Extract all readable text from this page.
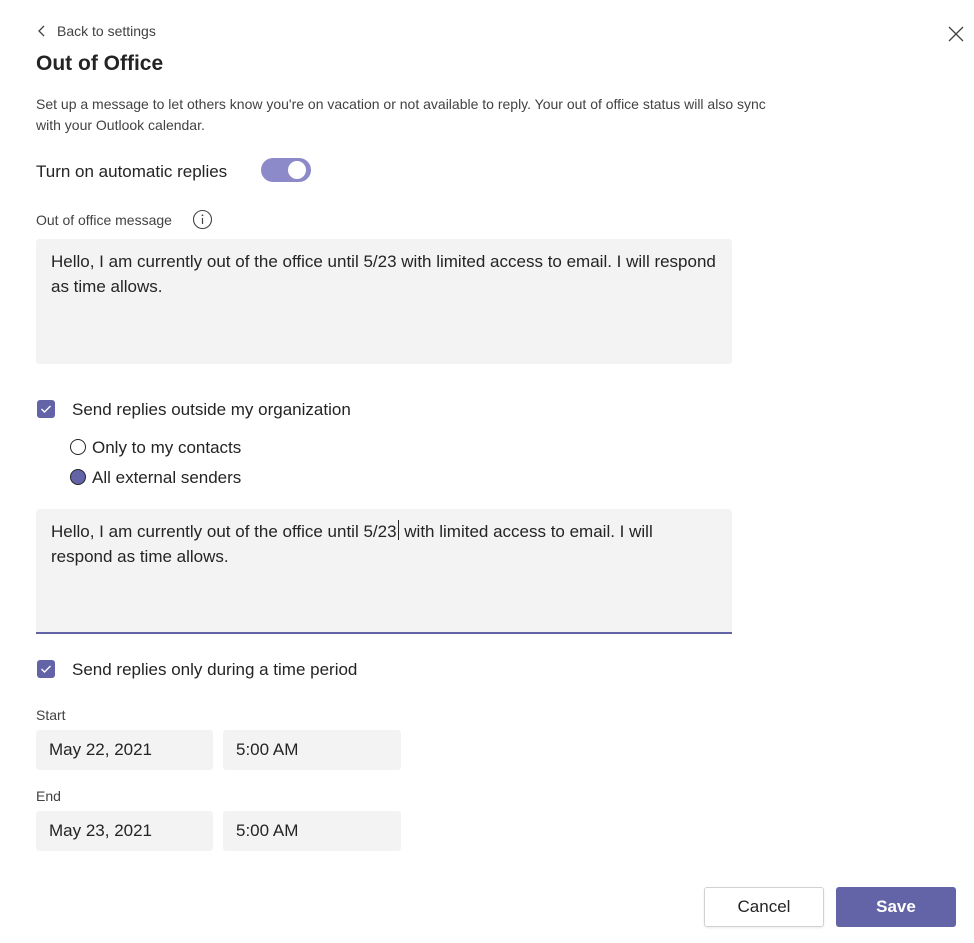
Back to settings
Out of Office
Set up a message to let others know you're on vacation or not available to reply. Your out of office status will also sync with your Outlook calendar.
Turn on automatic replies
Out of office message
Hello, I am currently out of the office until 5/23 with limited access to email. I will respond as time allows.
Send replies outside my organization
Only to my contacts
All external senders
Hello, I am currently out of the office until 5/23 with limited access to email. I will respond as time allows.
Send replies only during a time period
Start
May 22, 2021	5:00 AM
End
May 23, 2021	5:00 AM
Cancel	Save
